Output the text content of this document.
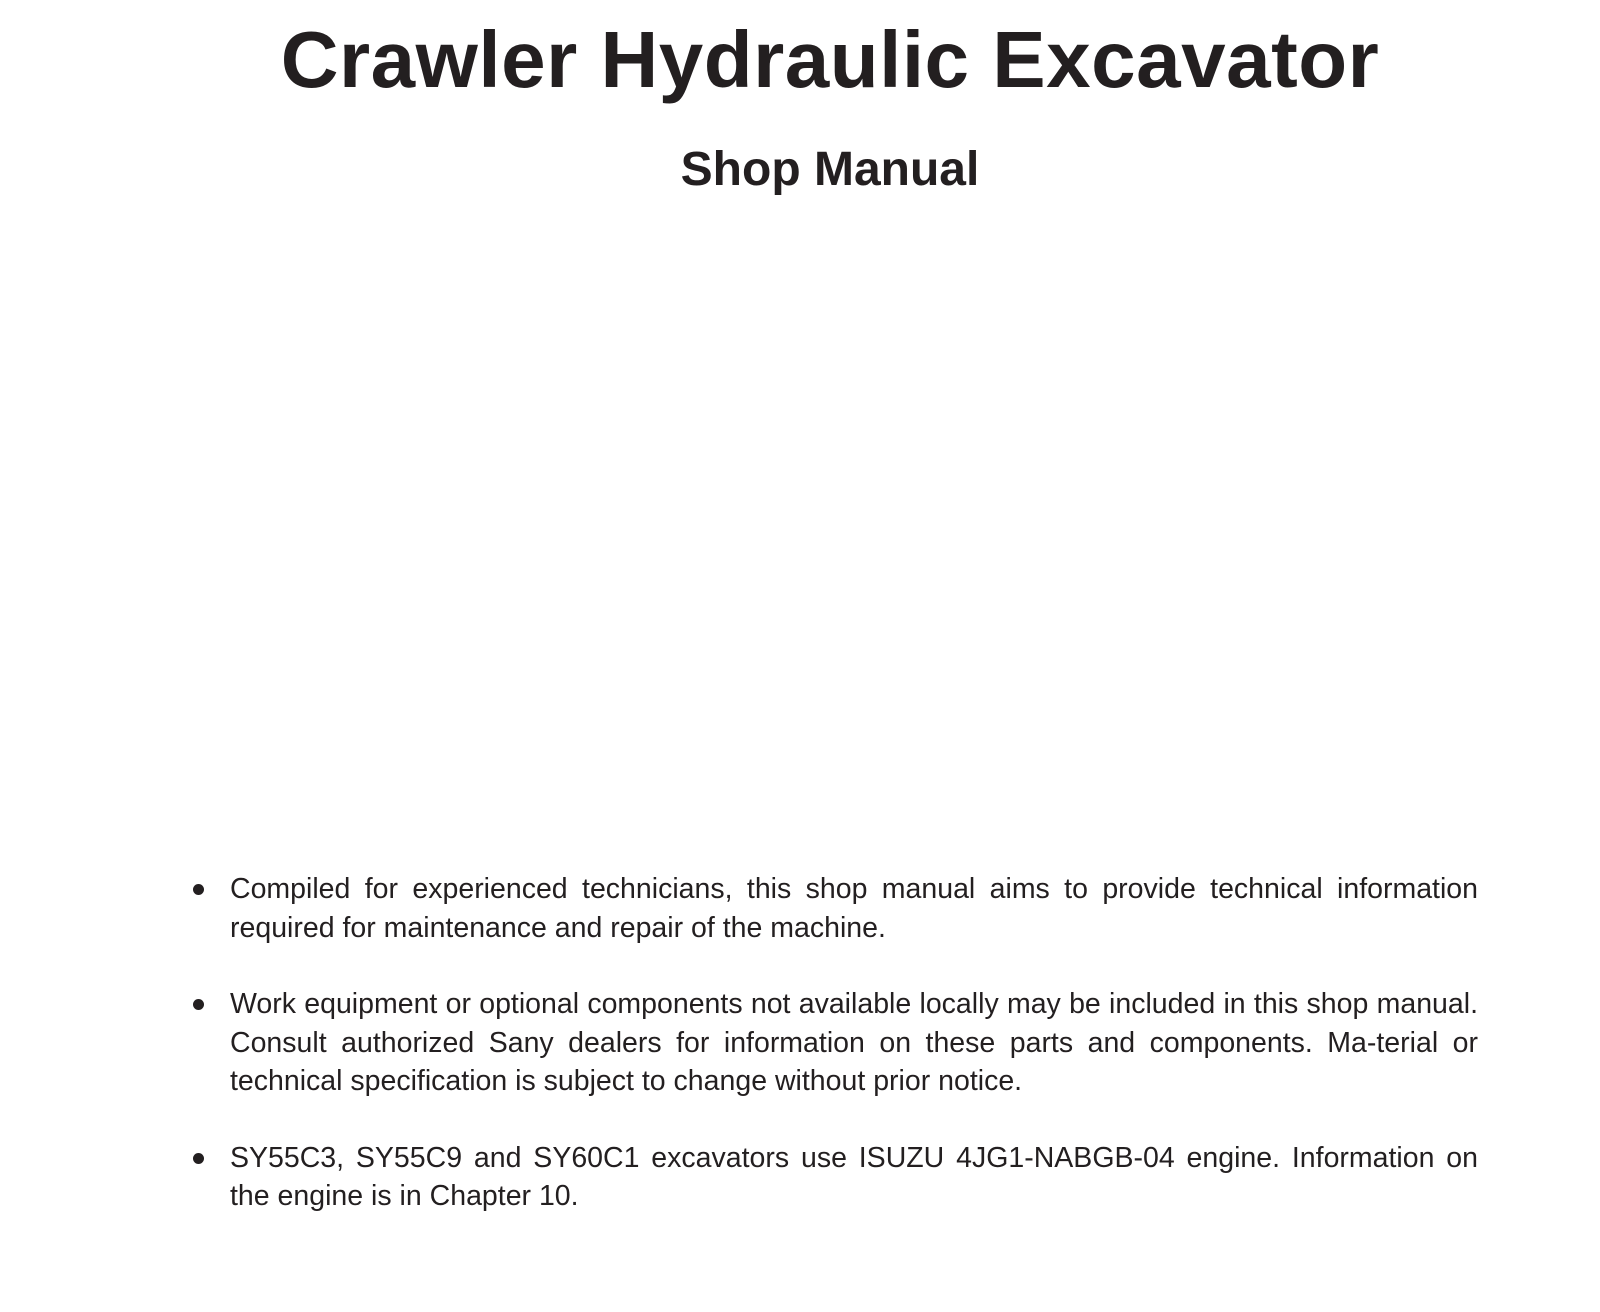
Crawler Hydraulic Excavator
Shop Manual
Compiled for experienced technicians, this shop manual aims to provide technical information required for maintenance and repair of the machine.
Work equipment or optional components not available locally may be included in this shop manual. Consult authorized Sany dealers for information on these parts and components. Ma-terial or technical specification is subject to change without prior notice.
SY55C3, SY55C9 and SY60C1 excavators use ISUZU 4JG1-NABGB-04 engine. Information on the engine is in Chapter 10.
